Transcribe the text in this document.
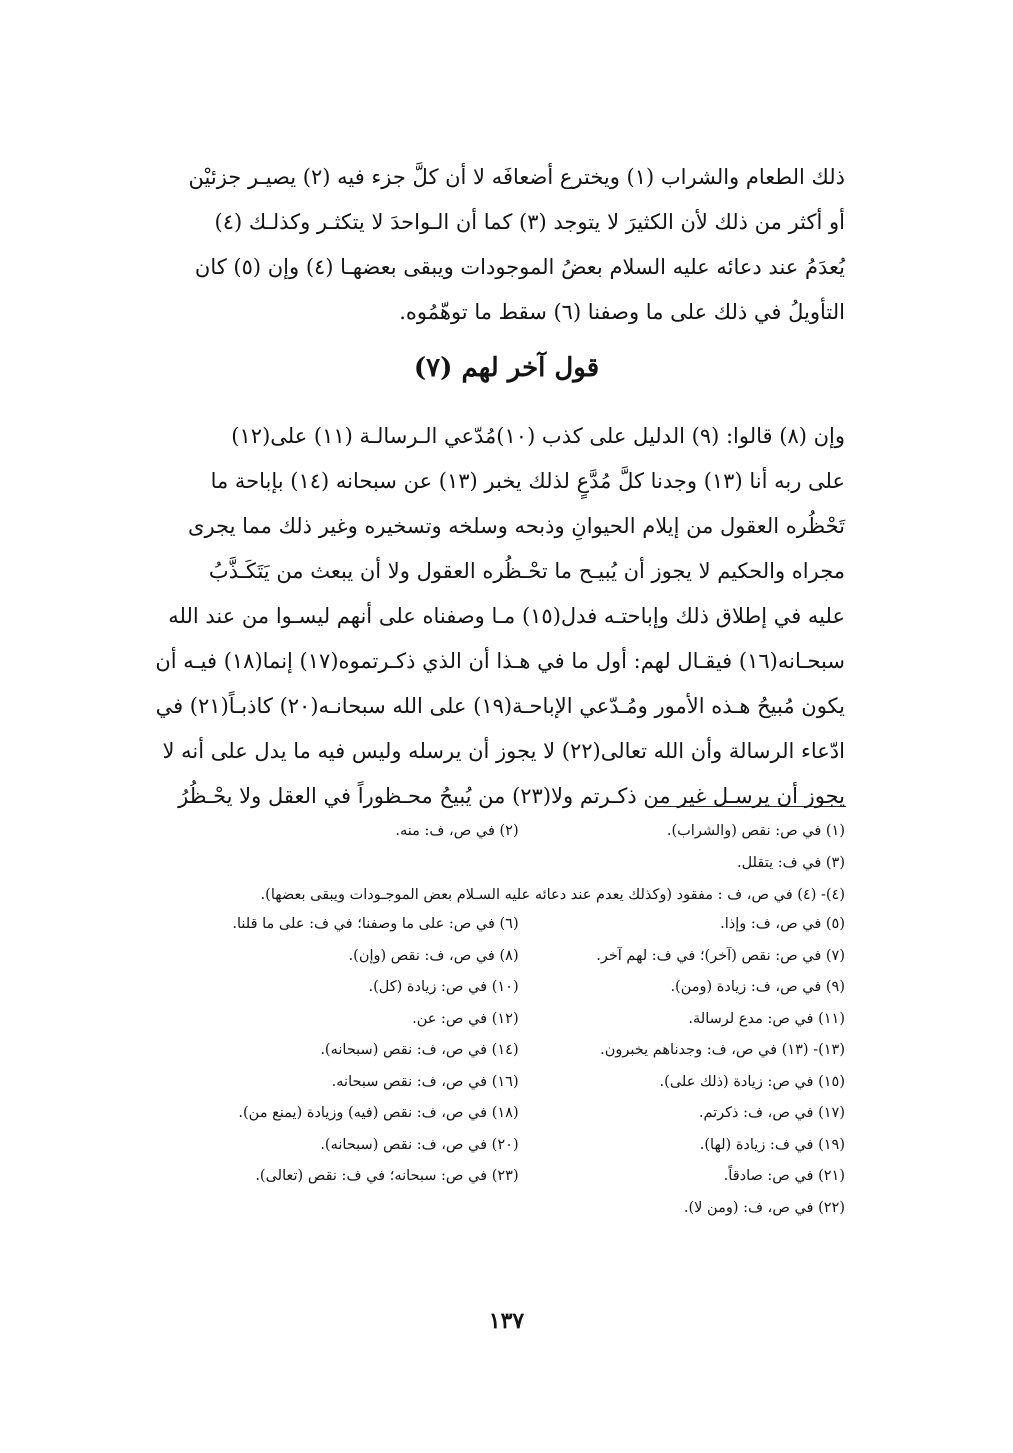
ذلك الطعام والشراب (١) ويخترع أضعافَه لا أن كلَّ جزء فيه (٢) يصيـر جزئيْن
أو أكثر من ذلك لأن الكثيرَ لا يتوجد (٣) كما أن الـواحدَ لا يتكثـر وكذلـك (٤)
يُعدَمُ عند دعائه عليه السلام بعضُ الموجودات ويبقى بعضهـا (٤) وإن (٥) كان
التأويلُ في ذلك على ما وصفنا (٦) سقط ما توهّمُوه.
قول آخر لهم (٧)
وإن (٨) قالوا: (٩) الدليل على كذب (١٠)مُدّعي الـرسالـة (١١) على(١٢)
على ربه أنا (١٣) وجدنا كلَّ مُدَّعٍ لذلك يخبر (١٣) عن سبحانه (١٤) بإباحة ما
تَحْظُره العقول من إيلام الحيوانِ وذبحه وسلخه وتسخيره وغير ذلك مما يجرى
مجراه والحكيم لا يجوز أن يُبيـح ما تحْـظُره العقول ولا أن يبعث من يَتَكَـذَّبُ
عليه في إطلاق ذلك وإباحتـه فدل(١٥) مـا وصفناه على أنهم ليسـوا من عند الله
سبحـانه(١٦) فيقـال لهم: أول ما في هـذا أن الذي ذكـرتموه(١٧) إنما(١٨) فيـه أن
يكون مُبيحُ هـذه الأمور ومُـدّعي الإباحـة(١٩) على الله سبحانـه(٢٠) كاذبـاً(٢١) في
ادّعاء الرسالة وأن الله تعالى(٢٢) لا يجوز أن يرسله وليس فيه ما يدل على أنه لا
يجوز أن يرسـل غير من ذكـرتم ولا(٢٣) من يُبيحُ محـظوراً في العقل ولا يحْـظُرُ
(١) في ص: نقص (والشراب).
(٢) في ص، ف: منه.
(٣) في ف: يتقلل.
(٤)- (٤) في ص، ف : مفقود (وكذلك يعدم عند دعائه عليه السـلام بعض الموجـودات ويبقى بعضها).
(٥) في ص، ف: وإذا.
(٦) في ص: على ما وصفنا؛ في ف: على ما قلنا.
(٧) في ص: نقص (آخر)؛ في ف: لهم آخر.
(٨) في ص، ف: نقص (وإن).
(٩) في ص، ف: زيادة (ومن).
(١٠) في ص: زيادة (كل).
(١١) في ص: مدع لرسالة.
(١٢) في ص: عن.
(١٣)- (١٣) في ص، ف: وجدناهم يخبرون.
(١٤) في ص، ف: نقص (سبحانه).
(١٥) في ص: زيادة (ذلك على).
(١٦) في ص، ف: نقص سبحانه.
(١٧) في ص، ف: ذكرتم.
(١٨) في ص، ف: نقص (فيه) وزيادة (يمنع من).
(١٩) في ف: زيادة (لها).
(٢٠) في ص، ف: نقص (سبحانه).
(٢١) في ص: صادقاً.
(٢٣) في ص: سبحانه؛ في ف: نقص (تعالى).
(٢٢) في ص، ف: (ومن لا).
١٣٧
